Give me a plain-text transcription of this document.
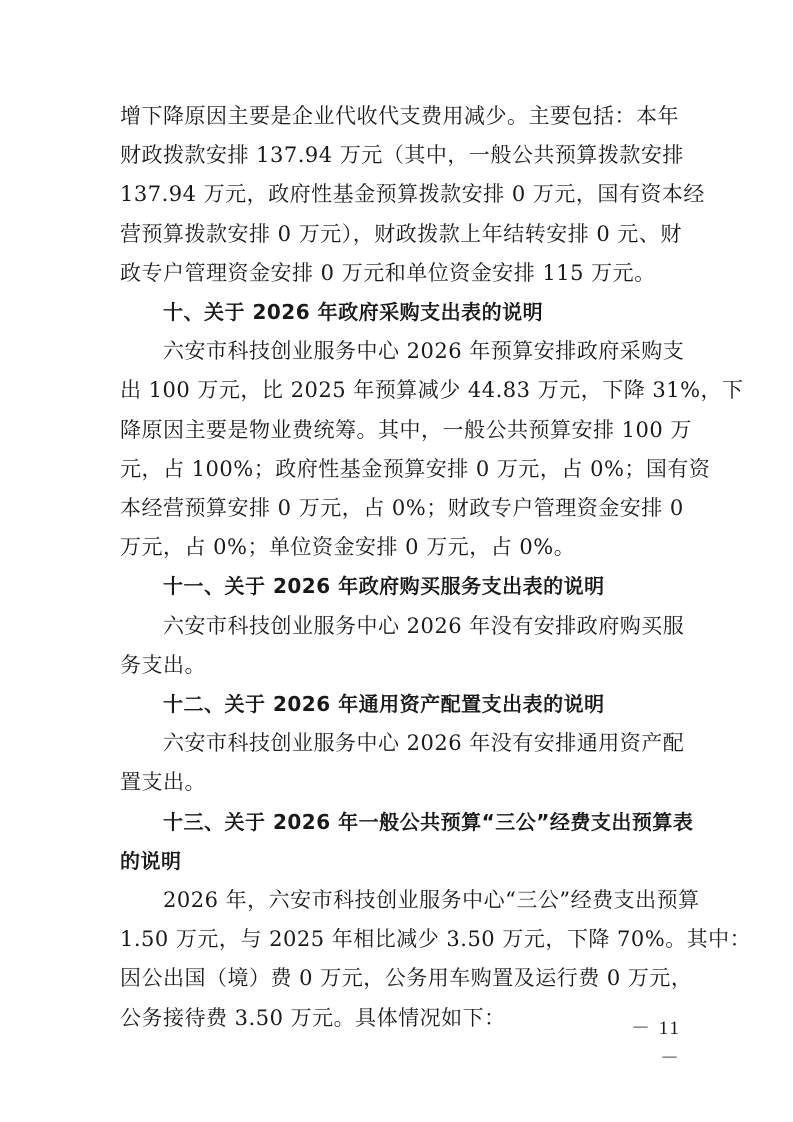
增下降原因主要是企业代收代支费用减少。主要包括：本年
财政拨款安排 137.94 万元（其中，一般公共预算拨款安排
137.94 万元，政府性基金预算拨款安排 0 万元，国有资本经
营预算拨款安排 0 万元），财政拨款上年结转安排 0 元、财
政专户管理资金安排 0 万元和单位资金安排 115 万元。
十、关于 2026 年政府采购支出表的说明
六安市科技创业服务中心 2026 年预算安排政府采购支
出 100 万元，比 2025 年预算减少 44.83 万元，下降 31%，下
降原因主要是物业费统筹。其中，一般公共预算安排 100 万
元，占 100%；政府性基金预算安排 0 万元，占 0%；国有资
本经营预算安排 0 万元，占 0%；财政专户管理资金安排 0
万元，占 0%；单位资金安排 0 万元，占 0%。
十一、关于 2026 年政府购买服务支出表的说明
六安市科技创业服务中心 2026 年没有安排政府购买服
务支出。
十二、关于 2026 年通用资产配置支出表的说明
六安市科技创业服务中心 2026 年没有安排通用资产配
置支出。
十三、关于 2026 年一般公共预算“三公”经费支出预算表
的说明
2026 年，六安市科技创业服务中心“三公”经费支出预算
1.50 万元，与 2025 年相比减少 3.50 万元，下降 70%。其中：
因公出国（境）费 0 万元，公务用车购置及运行费 0 万元，
－ 11 －
公务接待费 3.50 万元。具体情况如下：
